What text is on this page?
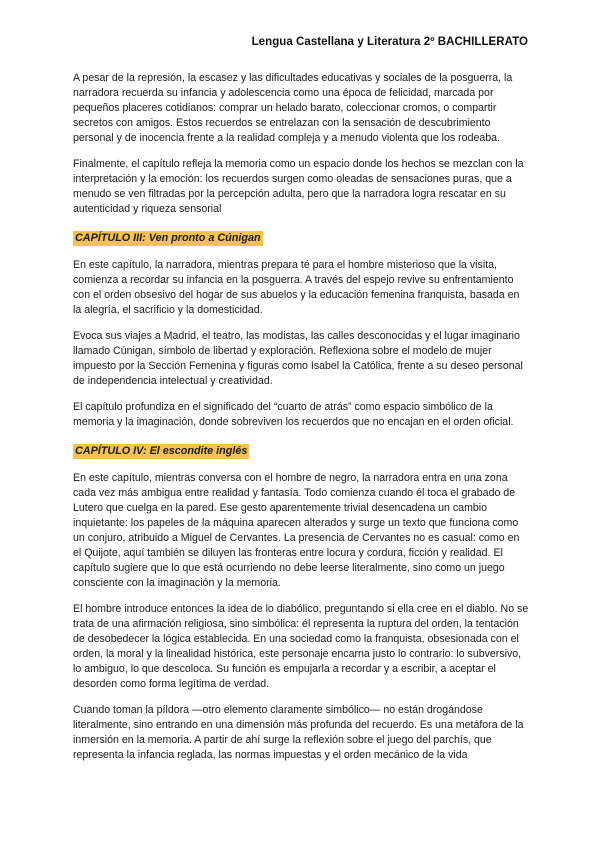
Lengua Castellana y Literatura 2º BACHILLERATO

A pesar de la represión, la escasez y las dificultades educativas y sociales de la posguerra, la narradora recuerda su infancia y adolescencia como una época de felicidad, marcada por pequeños placeres cotidianos: comprar un helado barato, coleccionar cromos, o compartir secretos con amigos. Estos recuerdos se entrelazan con la sensación de descubrimiento personal y de inocencia frente a la realidad compleja y a menudo violenta que los rodeaba.

Finalmente, el capítulo refleja la memoria como un espacio donde los hechos se mezclan con la interpretación y la emoción: los recuerdos surgen como oleadas de sensaciones puras, que a menudo se ven filtradas por la percepción adulta, pero que la narradora logra rescatar en su autenticidad y riqueza sensorial

CAPÍTULO III: Ven pronto a Cúnigan

En este capítulo, la narradora, mientras prepara té para el hombre misterioso que la visita, comienza a recordar su infancia en la posguerra. A través del espejo revive su enfrentamiento con el orden obsesivo del hogar de sus abuelos y la educación femenina franquista, basada en la alegría, el sacrificio y la domesticidad.

Evoca sus viajes a Madrid, el teatro, las modistas, las calles desconocidas y el lugar imaginario llamado Cúnigan, símbolo de libertad y exploración. Reflexiona sobre el modelo de mujer impuesto por la Sección Femenina y figuras como Isabel la Católica, frente a su deseo personal de independencia intelectual y creatividad.

El capítulo profundiza en el significado del “cuarto de atrás” como espacio simbólico de la memoria y la imaginación, donde sobreviven los recuerdos que no encajan en el orden oficial.

CAPÍTULO IV: El escondite inglés

En este capítulo, mientras conversa con el hombre de negro, la narradora entra en una zona cada vez más ambigua entre realidad y fantasía. Todo comienza cuando él toca el grabado de Lutero que cuelga en la pared. Ese gesto aparentemente trivial desencadena un cambio inquietante: los papeles de la máquina aparecen alterados y surge un texto que funciona como un conjuro, atribuido a Miguel de Cervantes. La presencia de Cervantes no es casual: como en el Quijote, aquí también se diluyen las fronteras entre locura y cordura, ficción y realidad. El capítulo sugiere que lo que está ocurriendo no debe leerse literalmente, sino como un juego consciente con la imaginación y la memoria.

El hombre introduce entonces la idea de lo diabólico, preguntando si ella cree en el diablo. No se trata de una afirmación religiosa, sino simbólica: él representa la ruptura del orden, la tentación de desobedecer la lógica establecida. En una sociedad como la franquista, obsesionada con el orden, la moral y la linealidad histórica, este personaje encarna justo lo contrario: lo subversivo, lo ambiguo, lo que descoloca. Su función es empujarla a recordar y a escribir, a aceptar el desorden como forma legítima de verdad.

Cuando toman la píldora —otro elemento claramente simbólico— no están drogándose literalmente, sino entrando en una dimensión más profunda del recuerdo. Es una metáfora de la inmersión en la memoria. A partir de ahí surge la reflexión sobre el juego del parchís, que representa la infancia reglada, las normas impuestas y el orden mecánico de la vida
